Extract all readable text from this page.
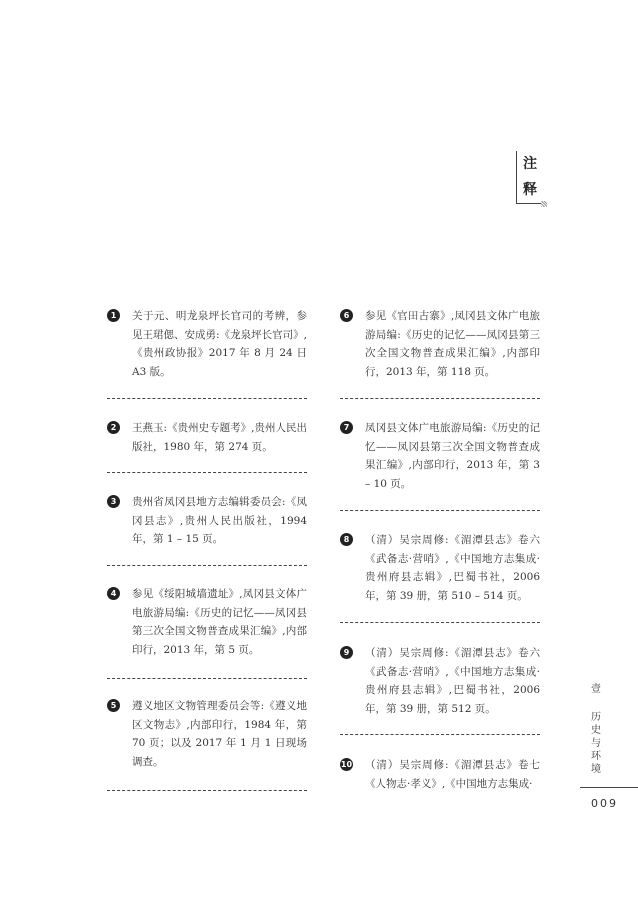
注
释
1	关于元、明龙泉坪长官司的考辨，参见王珺偲、安成勇:《龙泉坪长官司》,《贵州政协报》2017 年 8 月 24 日 A3 版。
2	王燕玉:《贵州史专题考》,贵州人民出版社，1980 年，第 274 页。
3	贵州省凤冈县地方志编辑委员会:《凤冈县志》,贵州人民出版社，1994 年，第 1 – 15 页。
4	参见《绥阳城墙遗址》,凤冈县文体广电旅游局编:《历史的记忆——凤冈县第三次全国文物普查成果汇编》,内部印行，2013 年，第 5 页。
5	遵义地区文物管理委员会等:《遵义地区文物志》,内部印行，1984 年，第 70 页；以及 2017 年 1 月 1 日现场调查。
6	参见《官田古寨》,凤冈县文体广电旅游局编:《历史的记忆——凤冈县第三次全国文物普查成果汇编》,内部印行，2013 年，第 118 页。
7	凤冈县文体广电旅游局编:《历史的记忆——凤冈县第三次全国文物普查成果汇编》,内部印行，2013 年，第 3 – 10 页。
8	（清）吴宗周修:《湄潭县志》卷六《武备志·营哨》,《中国地方志集成·贵州府县志辑》,巴蜀书社，2006 年，第 39 册，第 510 – 514 页。
9	（清）吴宗周修:《湄潭县志》卷六《武备志·营哨》,《中国地方志集成·贵州府县志辑》,巴蜀书社，2006 年，第 39 册，第 512 页。
10 （清）吴宗周修:《湄潭县志》卷七《人物志·孝义》,《中国地方志集成·
壹
历
史
与
环
境
009
